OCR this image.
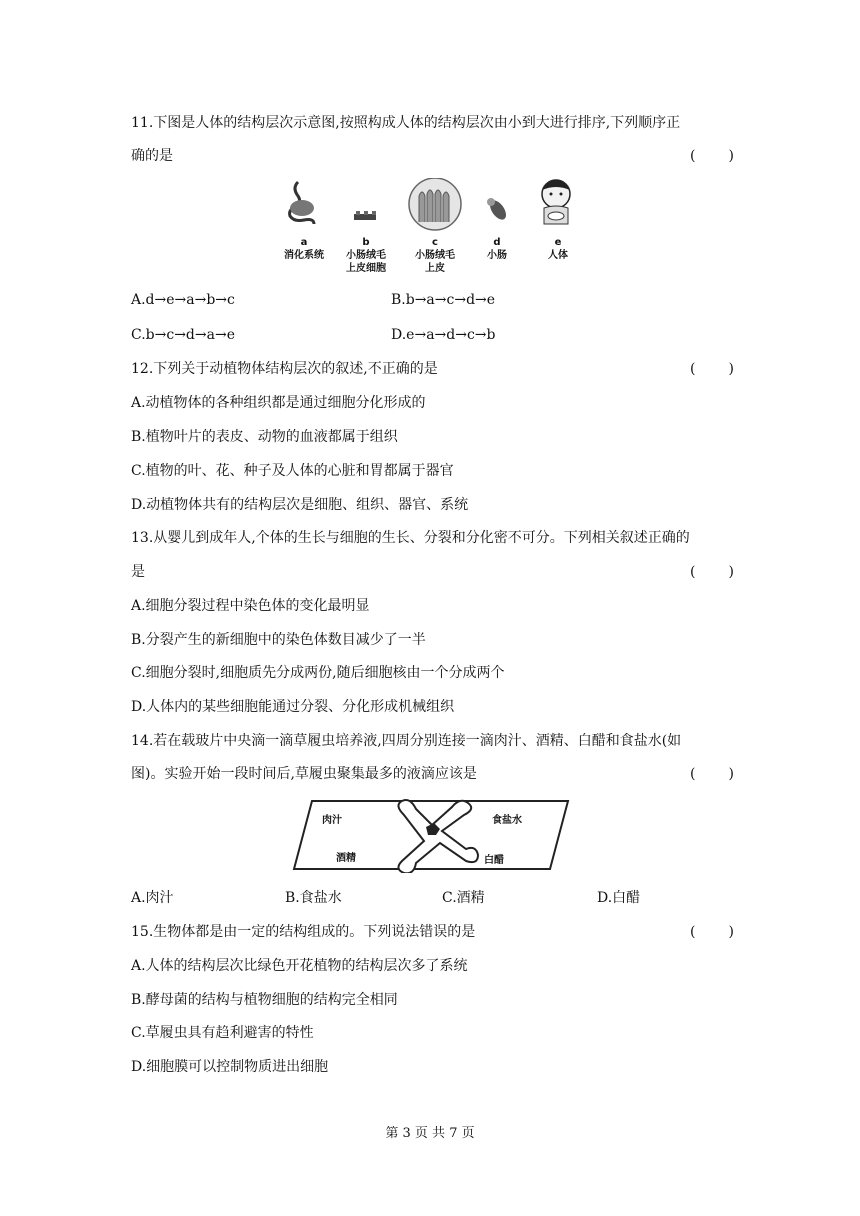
11.下图是人体的结构层次示意图,按照构成人体的结构层次由小到大进行排序,下列顺序正
确的是	( )
a
消化系统
b
小肠绒毛
上皮细胞
c
小肠绒毛
上皮
d
小肠
e
人体
A.d→e→a→b→c	B.b→a→c→d→e
C.b→c→d→a→e	D.e→a→d→c→b
12.下列关于动植物体结构层次的叙述,不正确的是	( )
A.动植物体的各种组织都是通过细胞分化形成的
B.植物叶片的表皮、动物的血液都属于组织
C.植物的叶、花、种子及人体的心脏和胃都属于器官
D.动植物体共有的结构层次是细胞、组织、器官、系统
13.从婴儿到成年人,个体的生长与细胞的生长、分裂和分化密不可分。下列相关叙述正确的
是	( )
A.细胞分裂过程中染色体的变化最明显
B.分裂产生的新细胞中的染色体数目减少了一半
C.细胞分裂时,细胞质先分成两份,随后细胞核由一个分成两个
D.人体内的某些细胞能通过分裂、分化形成机械组织
14.若在载玻片中央滴一滴草履虫培养液,四周分别连接一滴肉汁、酒精、白醋和食盐水(如
图)。实验开始一段时间后,草履虫聚集最多的液滴应该是	( )
肉汁	食盐水
酒精	白醋
A.肉汁	B.食盐水	C.酒精	D.白醋
15.生物体都是由一定的结构组成的。下列说法错误的是	( )
A.人体的结构层次比绿色开花植物的结构层次多了系统
B.酵母菌的结构与植物细胞的结构完全相同
C.草履虫具有趋利避害的特性
D.细胞膜可以控制物质进出细胞
第 3 页 共 7 页
